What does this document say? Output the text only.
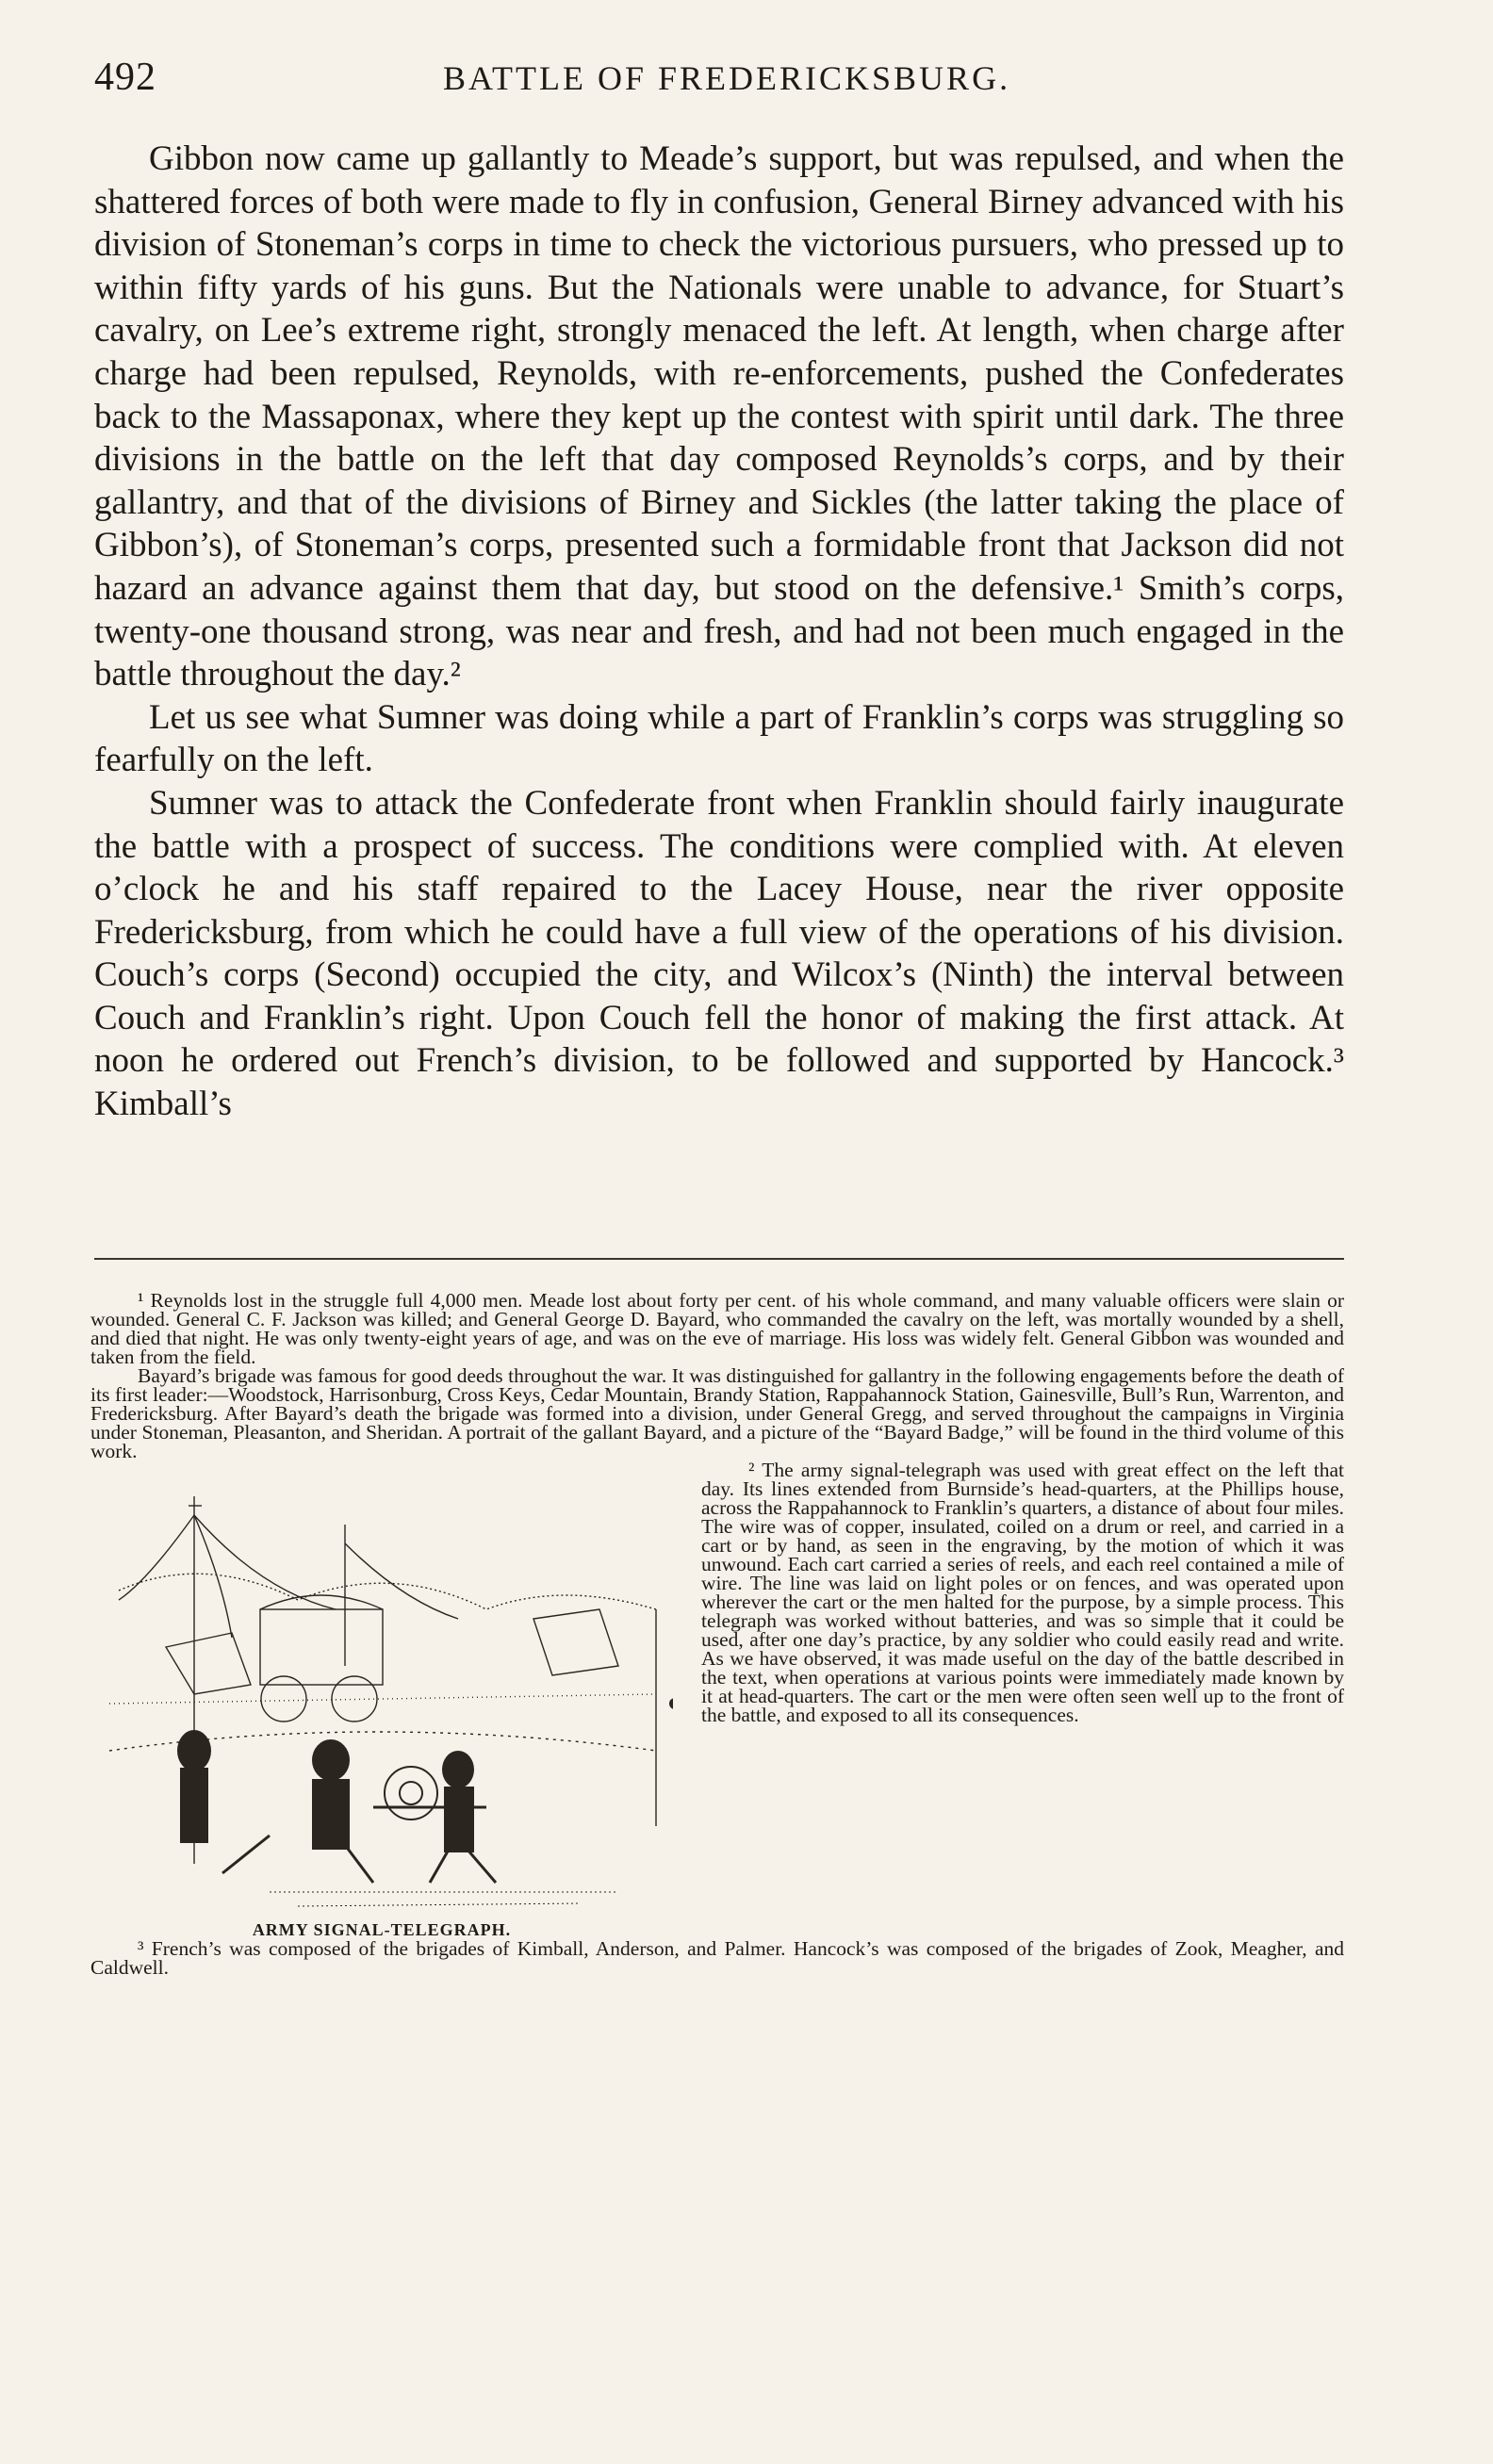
492	BATTLE OF FREDERICKSBURG.

Gibbon now came up gallantly to Meade’s support, but was repulsed, and when the shattered forces of both were made to fly in confusion, General Birney advanced with his division of Stoneman’s corps in time to check the victorious pursuers, who pressed up to within fifty yards of his guns. But the Nationals were unable to advance, for Stuart’s cavalry, on Lee’s extreme right, strongly menaced the left. At length, when charge after charge had been repulsed, Reynolds, with re-enforcements, pushed the Confederates back to the Massaponax, where they kept up the contest with spirit until dark. The three divisions in the battle on the left that day composed Reynolds’s corps, and by their gallantry, and that of the divisions of Birney and Sickles (the latter taking the place of Gibbon’s), of Stoneman’s corps, presented such a formidable front that Jackson did not hazard an advance against them that day, but stood on the defensive.¹ Smith’s corps, twenty-one thousand strong, was near and fresh, and had not been much engaged in the battle throughout the day.²

Let us see what Sumner was doing while a part of Franklin’s corps was struggling so fearfully on the left.

Sumner was to attack the Confederate front when Franklin should fairly inaugurate the battle with a prospect of success. The conditions were complied with. At eleven o’clock he and his staff repaired to the Lacey House, near the river opposite Fredericksburg, from which he could have a full view of the operations of his division. Couch’s corps (Second) occupied the city, and Wilcox’s (Ninth) the interval between Couch and Franklin’s right. Upon Couch fell the honor of making the first attack. At noon he ordered out French’s division, to be followed and supported by Hancock.³ Kimball’s

¹ Reynolds lost in the struggle full 4,000 men. Meade lost about forty per cent. of his whole command, and many valuable officers were slain or wounded. General C. F. Jackson was killed; and General George D. Bayard, who commanded the cavalry on the left, was mortally wounded by a shell, and died that night. He was only twenty-eight years of age, and was on the eve of marriage. His loss was widely felt. General Gibbon was wounded and taken from the field.

Bayard’s brigade was famous for good deeds throughout the war. It was distinguished for gallantry in the following engagements before the death of its first leader:—Woodstock, Harrisonburg, Cross Keys, Cedar Mountain, Brandy Station, Rappahannock Station, Gainesville, Bull’s Run, Warrenton, and Fredericksburg. After Bayard’s death the brigade was formed into a division, under General Gregg, and served throughout the campaigns in Virginia under Stoneman, Pleasanton, and Sheridan. A portrait of the gallant Bayard, and a picture of the “Bayard Badge,” will be found in the third volume of this work.

ARMY SIGNAL-TELEGRAPH.

² The army signal-telegraph was used with great effect on the left that day. Its lines extended from Burnside’s head-quarters, at the Phillips house, across the Rappahannock to Franklin’s quarters, a distance of about four miles. The wire was of copper, insulated, coiled on a drum or reel, and carried in a cart or by hand, as seen in the engraving, by the motion of which it was unwound. Each cart carried a series of reels, and each reel contained a mile of wire. The line was laid on light poles or on fences, and was operated upon wherever the cart or the men halted for the purpose, by a simple process. This telegraph was worked without batteries, and was so simple that it could be used, after one day’s practice, by any soldier who could easily read and write. As we have observed, it was made useful on the day of the battle described in the text, when operations at various points were immediately made known by it at head-quarters. The cart or the men were often seen well up to the front of the battle, and exposed to all its consequences.

³ French’s was composed of the brigades of Kimball, Anderson, and Palmer. Hancock’s was composed of the brigades of Zook, Meagher, and Caldwell.
